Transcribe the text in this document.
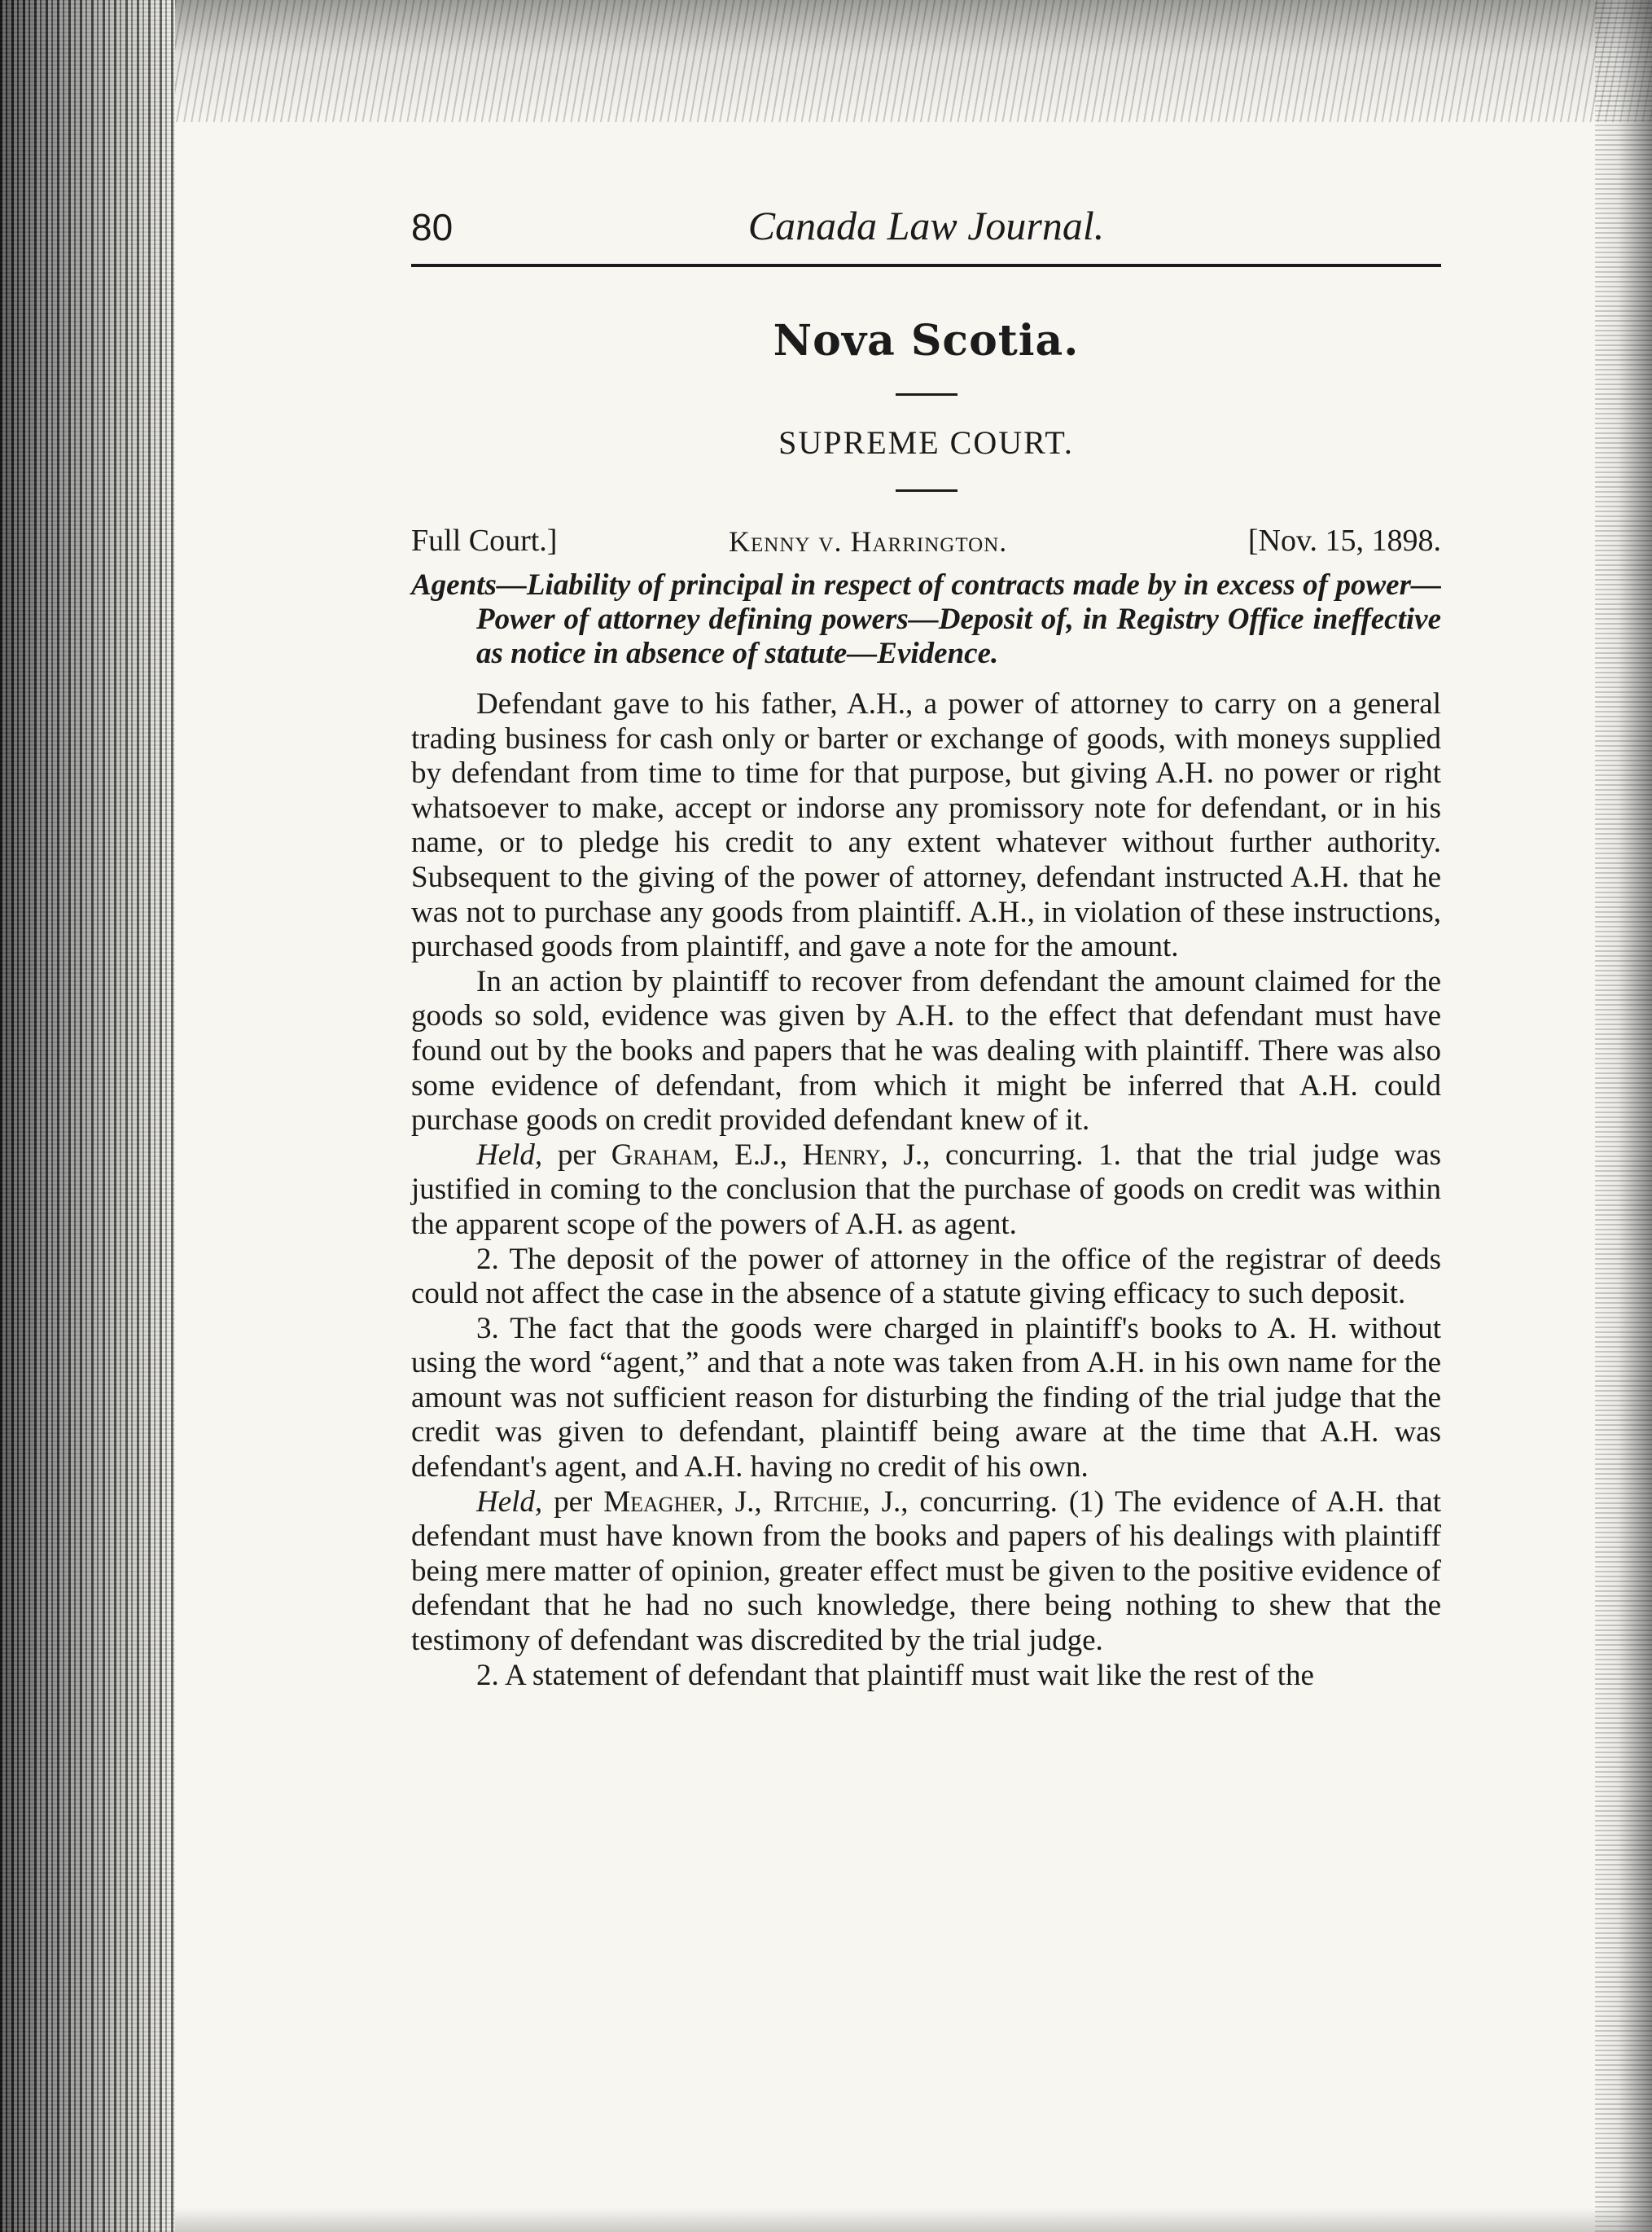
80	Canada Law Journal.
Nova Scotia.
SUPREME COURT.
Full Court.]	Kenny v. Harrington.	[Nov. 15, 1898.
Agents—Liability of principal in respect of contracts made by in excess of power—Power of attorney defining powers—Deposit of, in Registry Office ineffective as notice in absence of statute—Evidence.

Defendant gave to his father, A.H., a power of attorney to carry on a general trading business for cash only or barter or exchange of goods, with moneys supplied by defendant from time to time for that purpose, but giving A.H. no power or right whatsoever to make, accept or indorse any promissory note for defendant, or in his name, or to pledge his credit to any extent whatever without further authority. Subsequent to the giving of the power of attorney, defendant instructed A.H. that he was not to purchase any goods from plaintiff. A.H., in violation of these instructions, purchased goods from plaintiff, and gave a note for the amount.

In an action by plaintiff to recover from defendant the amount claimed for the goods so sold, evidence was given by A.H. to the effect that defendant must have found out by the books and papers that he was dealing with plaintiff. There was also some evidence of defendant, from which it might be inferred that A.H. could purchase goods on credit provided defendant knew of it.

Held, per Graham, E.J., Henry, J., concurring. 1. that the trial judge was justified in coming to the conclusion that the purchase of goods on credit was within the apparent scope of the powers of A.H. as agent.

2. The deposit of the power of attorney in the office of the registrar of deeds could not affect the case in the absence of a statute giving efficacy to such deposit.

3. The fact that the goods were charged in plaintiff's books to A. H. without using the word “agent,” and that a note was taken from A.H. in his own name for the amount was not sufficient reason for disturbing the finding of the trial judge that the credit was given to defendant, plaintiff being aware at the time that A.H. was defendant's agent, and A.H. having no credit of his own.

Held, per Meagher, J., Ritchie, J., concurring. (1) The evidence of A.H. that defendant must have known from the books and papers of his dealings with plaintiff being mere matter of opinion, greater effect must be given to the positive evidence of defendant that he had no such knowledge, there being nothing to shew that the testimony of defendant was discredited by the trial judge.

2. A statement of defendant that plaintiff must wait like the rest of the
